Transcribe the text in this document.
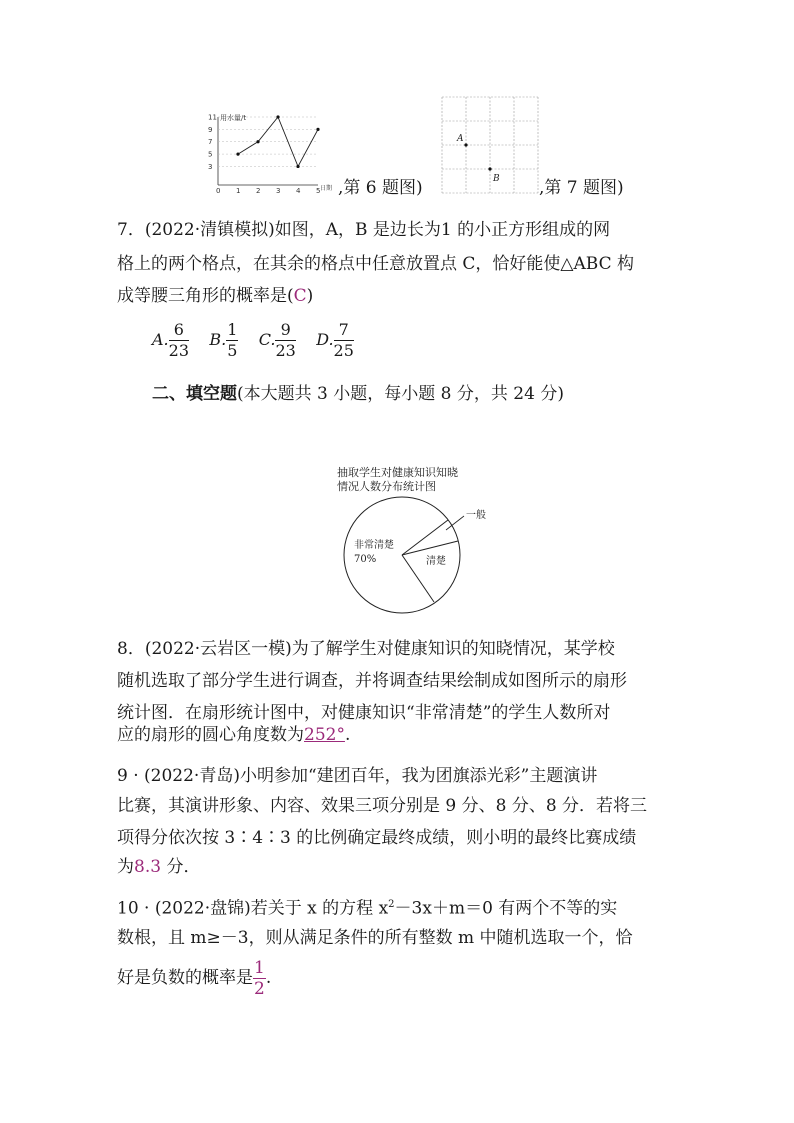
用水量/t
11
9
7
5
3
0 1 2 3 4 5 日期 ,第 6 题图)
A
B ,第 7 题图)
7．(2022·清镇模拟)如图，A，B 是边长为1 的小正方形组成的网
格上的两个格点，在其余的格点中任意放置点 C，恰好能使△ABC 构
成等腰三角形的概率是(C)
A. $\frac{6}{23} B$. $\frac{1}{5} C$. $\frac{9}{23} D$. $\frac{7}{25}$
二、填空题(本大题共 3 小题，每小题 8 分，共 24 分)
抽取学生对健康知识知晓
情况人数分布统计图
非常清楚
70%	清楚
一般
8．(2022·云岩区一模)为了解学生对健康知识的知晓情况，某学校
随机选取了部分学生进行调查，并将调查结果绘制成如图所示的扇形
统计图．在扇形统计图中，对健康知识“非常清楚”的学生人数所对
应的扇形的圆心角度数为252°.
9 · (2022·青岛)小明参加“建团百年，我为团旗添光彩”主题演讲
比赛，其演讲形象、内容、效果三项分别是 9 分、8 分、8 分．若将三
项得分依次按 3∶4∶3 的比例确定最终成绩，则小明的最终比赛成绩
为8.3 分．
10 · (2022·盘锦)若关于 x 的方程 $x^2-3x+m=0$ 有两个不等的实
数根，且 m≥－3，则从满足条件的所有整数 m 中随机选取一个，恰
好是负数的概率是 $\frac{1}{2}$ .
